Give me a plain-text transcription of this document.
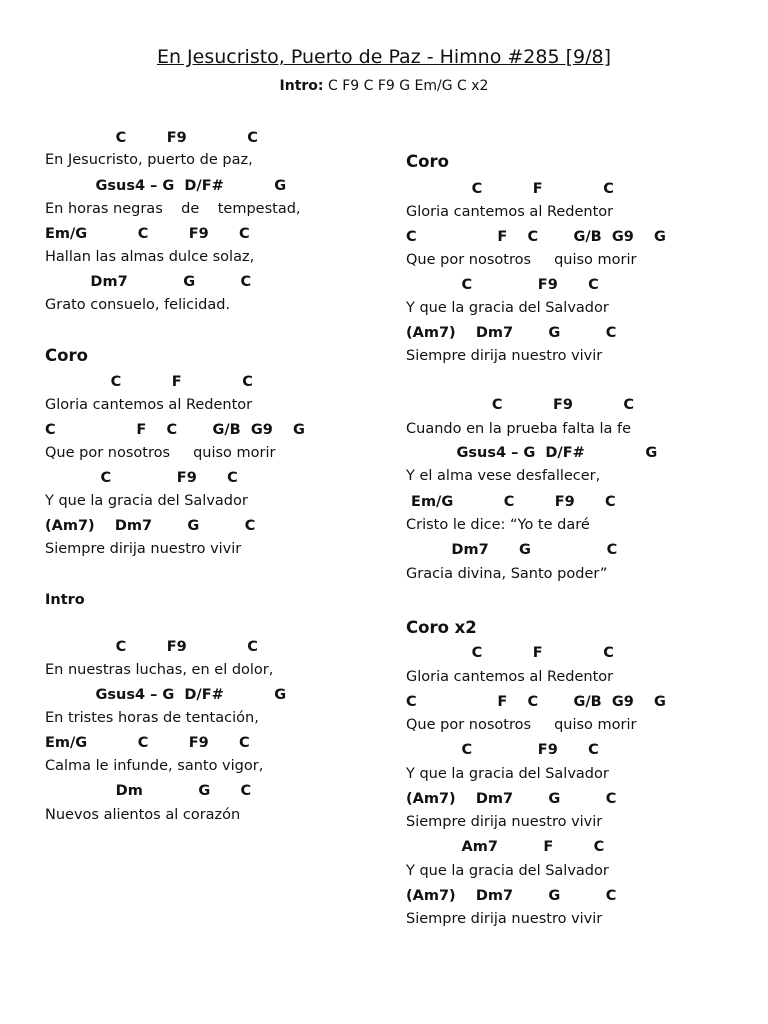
En Jesucristo, Puerto de Paz - Himno #285 [9/8]
Intro: C F9 C F9 G Em/G C x2
C        F9            C
En Jesucristo, puerto de paz,
Gsus4 – G  D/F#          G
En horas negras    de    tempestad,
Em/G          C        F9      C
Hallan las almas dulce solaz,
Dm7           G         C
Grato consuelo, felicidad.
Coro
C          F            C
Gloria cantemos al Redentor
C                F    C       G/B  G9    G
Que por nosotros     quiso morir
C             F9      C
Y que la gracia del Salvador
(Am7)    Dm7       G         C
Siempre dirija nuestro vivir
Intro
C        F9            C
En nuestras luchas, en el dolor,
Gsus4 – G  D/F#          G
En tristes horas de tentación,
Em/G          C        F9      C
Calma le infunde, santo vigor,
Dm           G      C
Nuevos alientos al corazón
Coro
C          F            C
Gloria cantemos al Redentor
C                F    C       G/B  G9    G
Que por nosotros     quiso morir
C             F9      C
Y que la gracia del Salvador
(Am7)    Dm7       G         C
Siempre dirija nuestro vivir
C          F9          C
Cuando en la prueba falta la fe
Gsus4 – G  D/F#            G
Y el alma vese desfallecer,
Em/G          C        F9      C
Cristo le dice: “Yo te daré
Dm7      G               C
Gracia divina, Santo poder”
Coro x2
C          F            C
Gloria cantemos al Redentor
C                F    C       G/B  G9    G
Que por nosotros     quiso morir
C             F9      C
Y que la gracia del Salvador
(Am7)    Dm7       G         C
Siempre dirija nuestro vivir
Am7         F        C
Y que la gracia del Salvador
(Am7)    Dm7       G         C
Siempre dirija nuestro vivir
